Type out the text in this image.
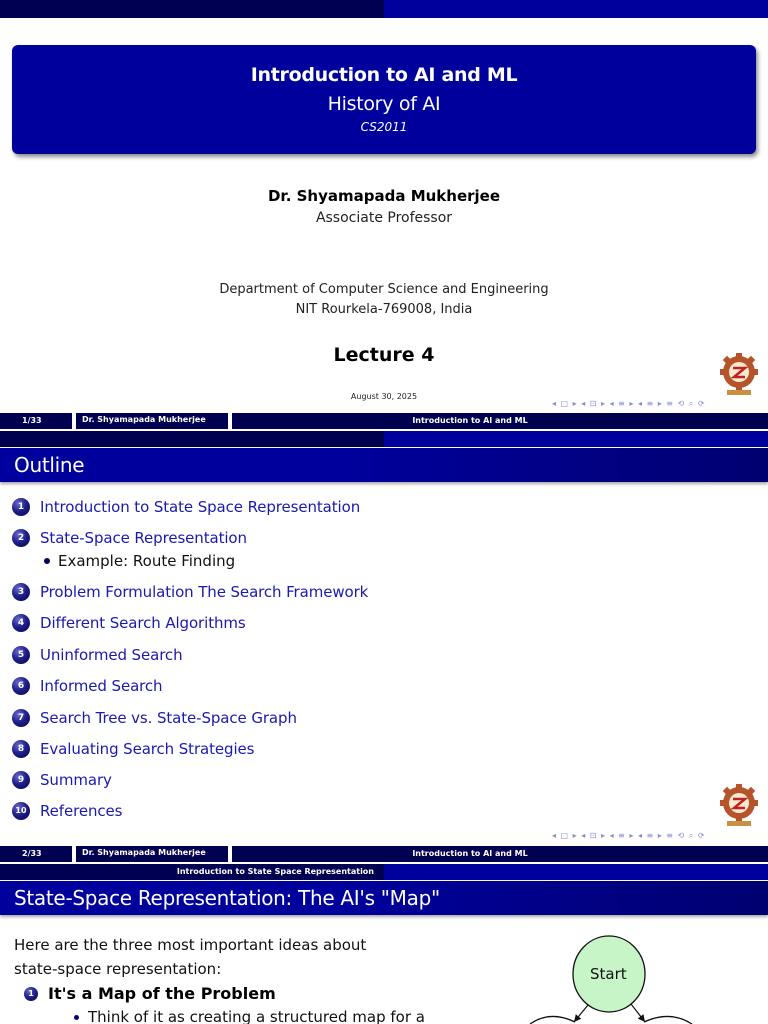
Introduction to AI and ML
History of AI
CS2011
Dr. Shyamapada Mukherjee
Associate Professor
Department of Computer Science and Engineering
NIT Rourkela-769008, India
Lecture 4
August 30, 2025
◂ □ ▸ ◂ ⊡ ▸ ◂ ≡ ▸ ◂ ≡ ▸ ≡ ⟲ ⌕ ⟳
1/33	Dr. Shyamapada Mukherjee	Introduction to AI and ML
Outline
1	Introduction to State Space Representation
2	State-Space Representation
Example: Route Finding
3	Problem Formulation The Search Framework
4	Different Search Algorithms
5	Uninformed Search
6	Informed Search
7	Search Tree vs. State-Space Graph
8	Evaluating Search Strategies
9	Summary
10 References
◂ □ ▸ ◂ ⊡ ▸ ◂ ≡ ▸ ◂ ≡ ▸ ≡ ⟲ ⌕ ⟳
2/33	Dr. Shyamapada Mukherjee	Introduction to AI and ML
Introduction to State Space Representation
State-Space Representation: The AI's "Map"
Here are the three most important ideas about
state-space representation:
1 It's a Map of the Problem
Think of it as creating a structured map for a
Start
